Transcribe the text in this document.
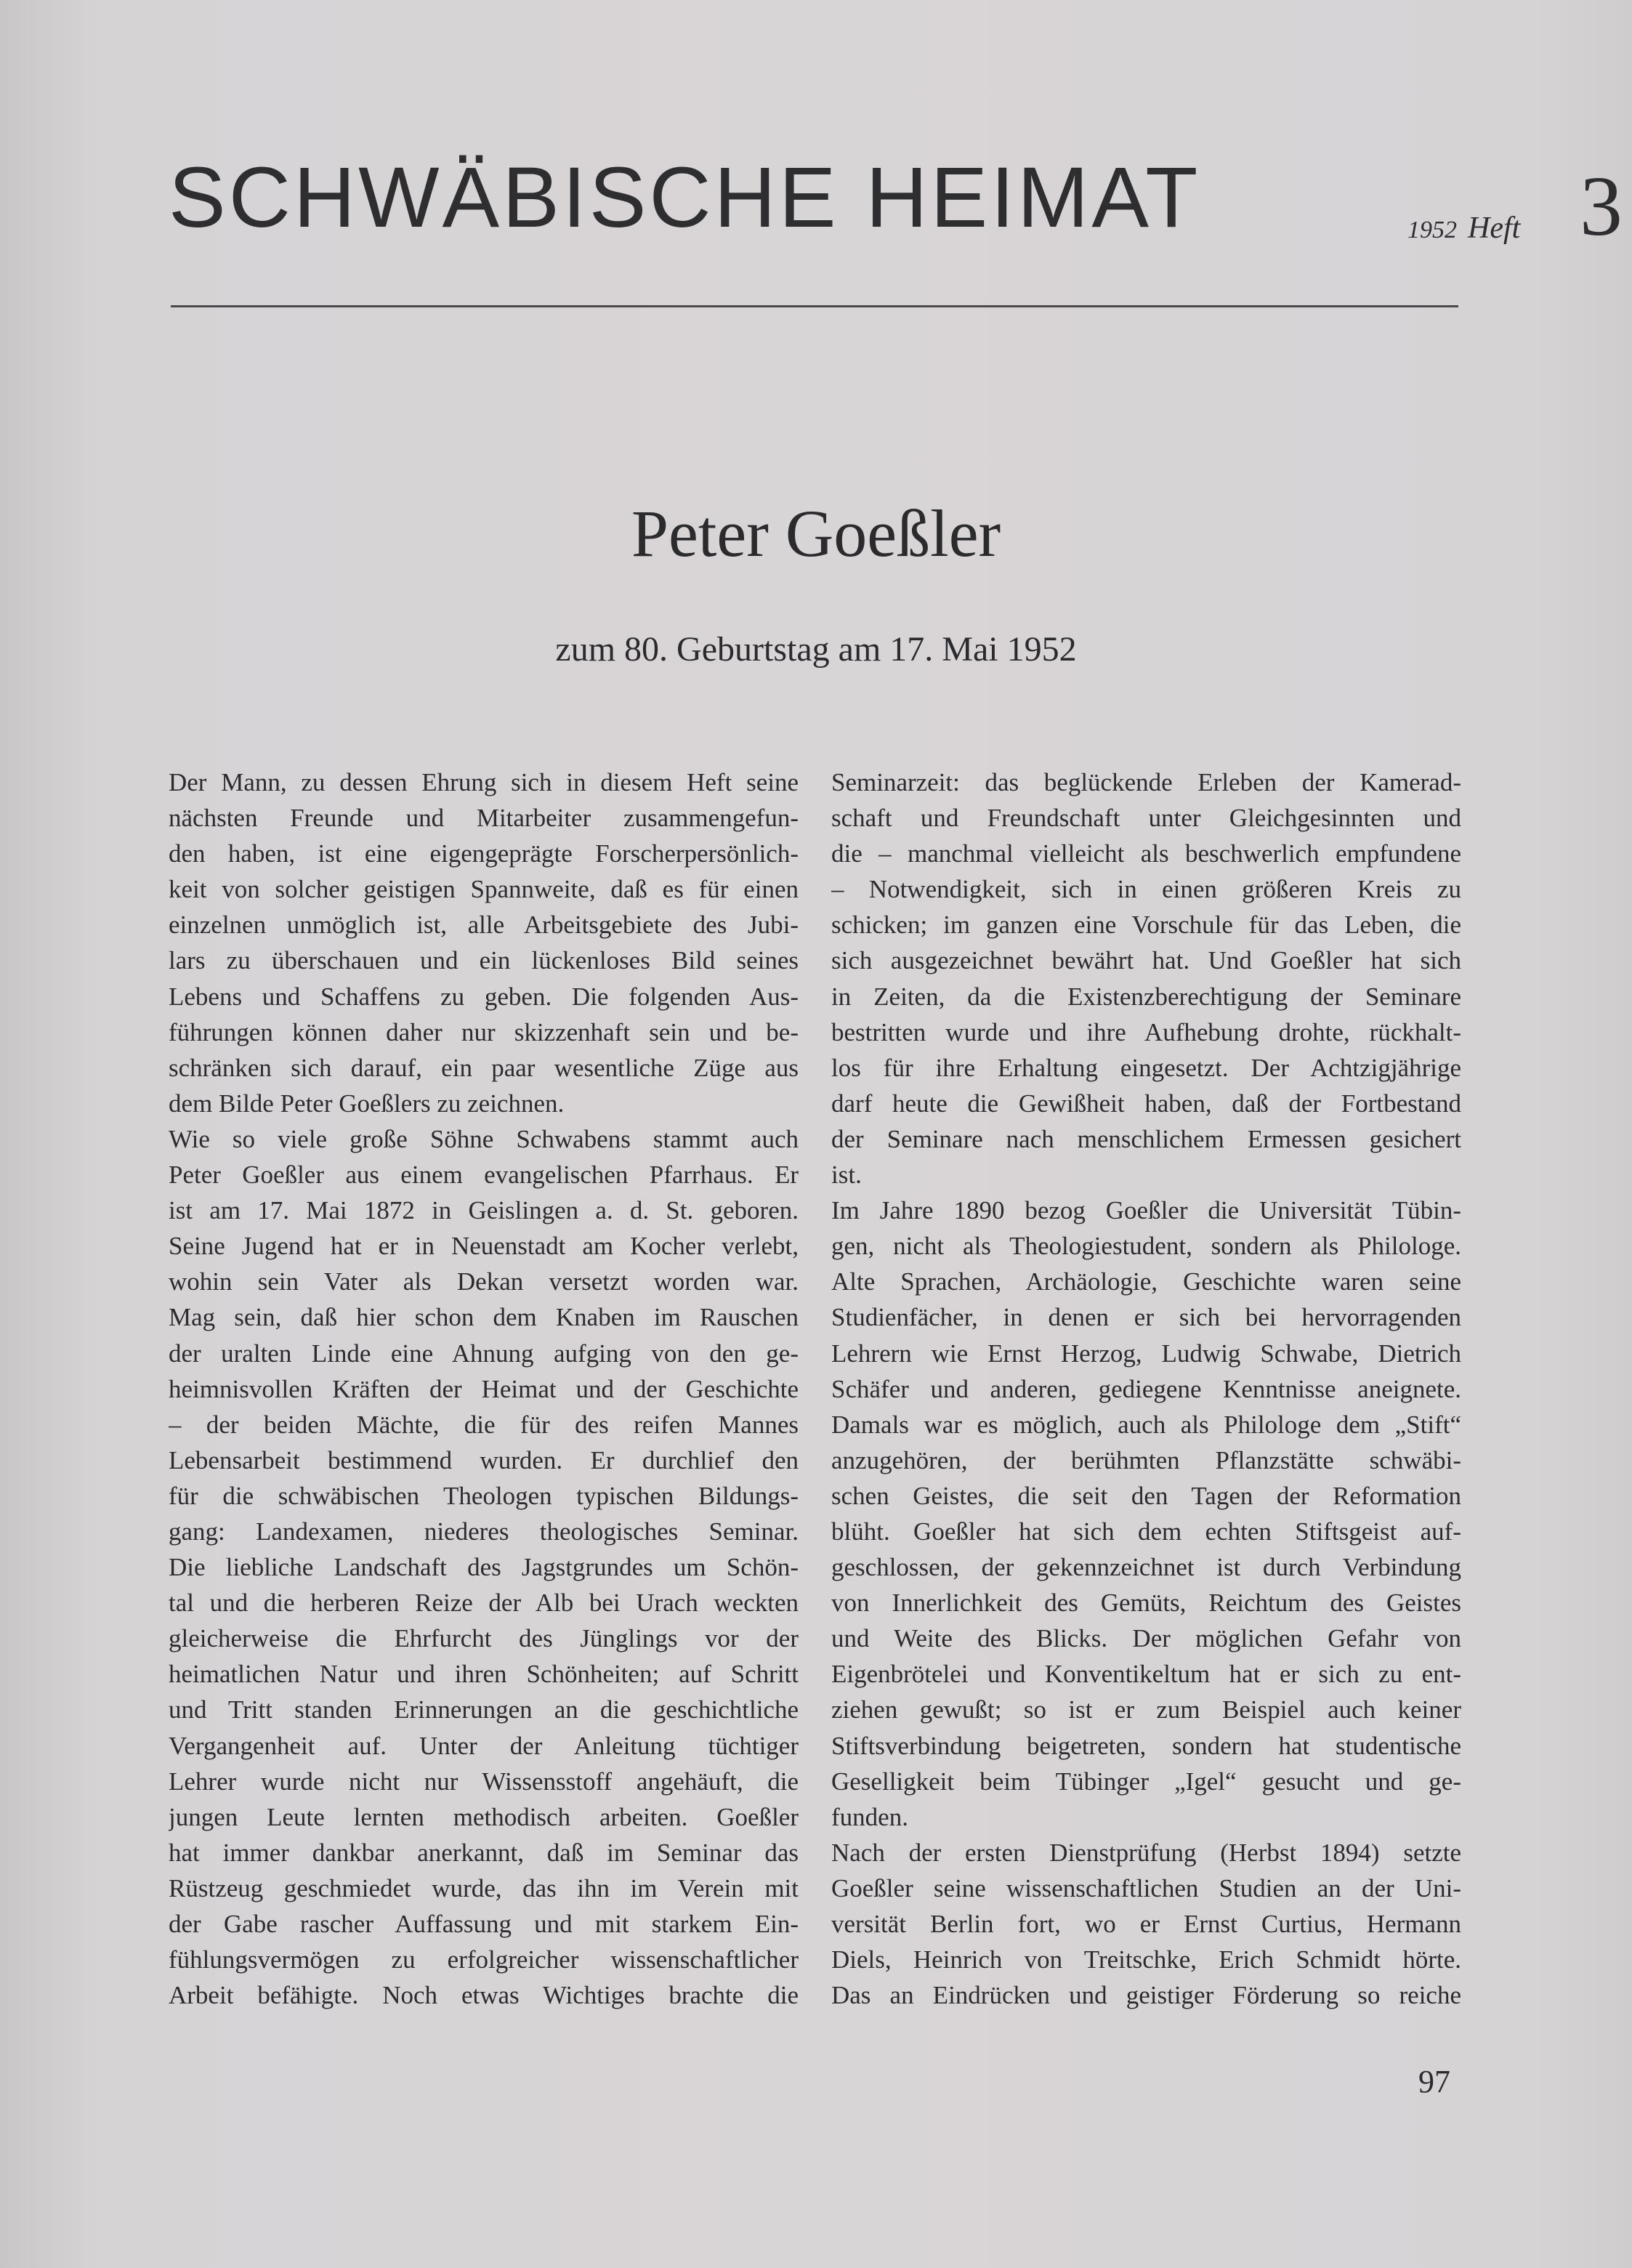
SCHWÄBISCHE HEIMAT	1952 Heft 3
Peter Goeßler
zum 80. Geburtstag am 17. Mai 1952
Der Mann, zu dessen Ehrung sich in diesem Heft seine
nächsten Freunde und Mitarbeiter zusammengefun-
den haben, ist eine eigengeprägte Forscherpersönlich-
keit von solcher geistigen Spannweite, daß es für einen
einzelnen unmöglich ist, alle Arbeitsgebiete des Jubi-
lars zu überschauen und ein lückenloses Bild seines
Lebens und Schaffens zu geben. Die folgenden Aus-
führungen können daher nur skizzenhaft sein und be-
schränken sich darauf, ein paar wesentliche Züge aus
dem Bilde Peter Goeßlers zu zeichnen.
Wie so viele große Söhne Schwabens stammt auch
Peter Goeßler aus einem evangelischen Pfarrhaus. Er
ist am 17. Mai 1872 in Geislingen a. d. St. geboren.
Seine Jugend hat er in Neuenstadt am Kocher verlebt,
wohin sein Vater als Dekan versetzt worden war.
Mag sein, daß hier schon dem Knaben im Rauschen
der uralten Linde eine Ahnung aufging von den ge-
heimnisvollen Kräften der Heimat und der Geschichte
– der beiden Mächte, die für des reifen Mannes
Lebensarbeit bestimmend wurden. Er durchlief den
für die schwäbischen Theologen typischen Bildungs-
gang: Landexamen, niederes theologisches Seminar.
Die liebliche Landschaft des Jagstgrundes um Schön-
tal und die herberen Reize der Alb bei Urach weckten
gleicherweise die Ehrfurcht des Jünglings vor der
heimatlichen Natur und ihren Schönheiten; auf Schritt
und Tritt standen Erinnerungen an die geschichtliche
Vergangenheit auf. Unter der Anleitung tüchtiger
Lehrer wurde nicht nur Wissensstoff angehäuft, die
jungen Leute lernten methodisch arbeiten. Goeßler
hat immer dankbar anerkannt, daß im Seminar das
Rüstzeug geschmiedet wurde, das ihn im Verein mit
der Gabe rascher Auffassung und mit starkem Ein-
fühlungsvermögen zu erfolgreicher wissenschaftlicher
Arbeit befähigte. Noch etwas Wichtiges brachte die
Seminarzeit: das beglückende Erleben der Kamerad-
schaft und Freundschaft unter Gleichgesinnten und
die – manchmal vielleicht als beschwerlich empfundene
– Notwendigkeit, sich in einen größeren Kreis zu
schicken; im ganzen eine Vorschule für das Leben, die
sich ausgezeichnet bewährt hat. Und Goeßler hat sich
in Zeiten, da die Existenzberechtigung der Seminare
bestritten wurde und ihre Aufhebung drohte, rückhalt-
los für ihre Erhaltung eingesetzt. Der Achtzigjährige
darf heute die Gewißheit haben, daß der Fortbestand
der Seminare nach menschlichem Ermessen gesichert
ist.
Im Jahre 1890 bezog Goeßler die Universität Tübin-
gen, nicht als Theologiestudent, sondern als Philologe.
Alte Sprachen, Archäologie, Geschichte waren seine
Studienfächer, in denen er sich bei hervorragenden
Lehrern wie Ernst Herzog, Ludwig Schwabe, Dietrich
Schäfer und anderen, gediegene Kenntnisse aneignete.
Damals war es möglich, auch als Philologe dem „Stift“
anzugehören, der berühmten Pflanzstätte schwäbi-
schen Geistes, die seit den Tagen der Reformation
blüht. Goeßler hat sich dem echten Stiftsgeist auf-
geschlossen, der gekennzeichnet ist durch Verbindung
von Innerlichkeit des Gemüts, Reichtum des Geistes
und Weite des Blicks. Der möglichen Gefahr von
Eigenbrötelei und Konventikeltum hat er sich zu ent-
ziehen gewußt; so ist er zum Beispiel auch keiner
Stiftsverbindung beigetreten, sondern hat studentische
Geselligkeit beim Tübinger „Igel“ gesucht und ge-
funden.
Nach der ersten Dienstprüfung (Herbst 1894) setzte
Goeßler seine wissenschaftlichen Studien an der Uni-
versität Berlin fort, wo er Ernst Curtius, Hermann
Diels, Heinrich von Treitschke, Erich Schmidt hörte.
Das an Eindrücken und geistiger Förderung so reiche
97
